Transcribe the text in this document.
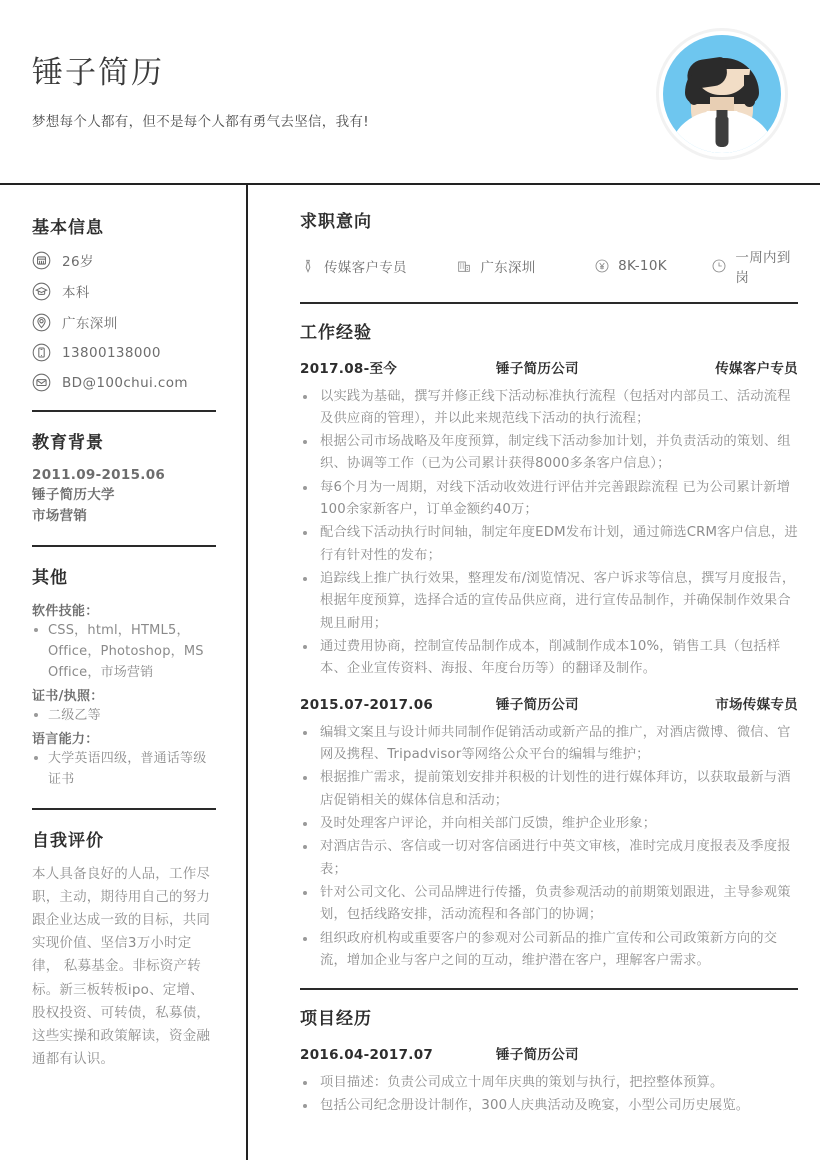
锤子简历
梦想每个人都有，但不是每个人都有勇气去坚信，我有!
基本信息
26岁
本科
广东深圳
13800138000
BD@100chui.com
教育背景
2011.09-2015.06
锤子简历大学
市场营销
其他
软件技能：
CSS，html，HTML5，Office，Photoshop，MS Office，市场营销
证书/执照：
二级乙等
语言能力：
大学英语四级，普通话等级证书
自我评价
本人具备良好的人品，工作尽职，主动，期待用自己的努力跟企业达成一致的目标，共同实现价值、坚信3万小时定律， 私募基金。非标资产转标。新三板转板ipo、定增、股权投资、可转债，私募债，这些实操和政策解读，资金融通都有认识。
求职意向
传媒客户专员	广东深圳	8K-10K	一周内到岗
工作经验
2017.08-至今	锤子简历公司	传媒客户专员
以实践为基础，撰写并修正线下活动标准执行流程（包括对内部员工、活动流程及供应商的管理），并以此来规范线下活动的执行流程；
根据公司市场战略及年度预算，制定线下活动参加计划，并负责活动的策划、组织、协调等工作（已为公司累计获得8000多条客户信息）；
每6个月为一周期，对线下活动收效进行评估并完善跟踪流程 已为公司累计新增100余家新客户，订单金额约40万；
配合线下活动执行时间轴，制定年度EDM发布计划，通过筛选CRM客户信息，进行有针对性的发布；
追踪线上推广执行效果，整理发布/浏览情况、客户诉求等信息，撰写月度报告，根据年度预算，选择合适的宣传品供应商，进行宣传品制作，并确保制作效果合规且耐用；
通过费用协商，控制宣传品制作成本，削减制作成本10%，销售工具（包括样本、企业宣传资料、海报、年度台历等）的翻译及制作。
2015.07-2017.06	锤子简历公司	市场传媒专员
编辑文案且与设计师共同制作促销活动或新产品的推广，对酒店微博、微信、官网及携程、Tripadvisor等网络公众平台的编辑与维护；
根据推广需求，提前策划安排并积极的计划性的进行媒体拜访，以获取最新与酒店促销相关的媒体信息和活动；
及时处理客户评论，并向相关部门反馈，维护企业形象；
对酒店告示、客信或一切对客信函进行中英文审核，准时完成月度报表及季度报表；
针对公司文化、公司品牌进行传播，负责参观活动的前期策划跟进，主导参观策划，包括线路安排，活动流程和各部门的协调；
组织政府机构或重要客户的参观对公司新品的推广宣传和公司政策新方向的交流，增加企业与客户之间的互动，维护潜在客户，理解客户需求。
项目经历
2016.04-2017.07	锤子简历公司
项目描述：负责公司成立十周年庆典的策划与执行，把控整体预算。
包括公司纪念册设计制作，300人庆典活动及晚宴，小型公司历史展览。
